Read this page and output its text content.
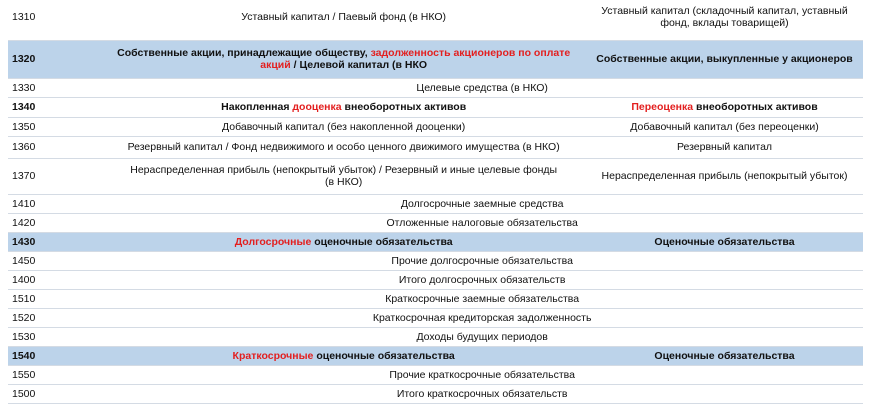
1310	Уставный капитал / Паевый фонд (в НКО)	Уставный капитал (складочный капитал, уставный
фонд, вклады товарищей)

1320	Собственные акции, принадлежащие обществу, задолженность акционеров по оплате
акций / Целевой капитал (в НКО	Собственные акции, выкупленные у акционеров
1330	Целевые средства (в НКО)	
1340	Накопленная дооценка внеоборотных активов	Переоценка внеоборотных активов
1350	Добавочный капитал (без накопленной дооценки)	Добавочный капитал (без переоценки)
1360	Резервный капитал / Фонд недвижимого и особо ценного движимого имущества (в НКО)	Резервный капитал
1370	Нераспределенная прибыль (непокрытый убыток) / Резервный и иные целевые фонды
(в НКО)	Нераспределенная прибыль (непокрытый убыток)
1410	Долгосрочные заемные средства	
1420	Отложенные налоговые обязательства	
1430	Долгосрочные оценочные обязательства	Оценочные обязательства
1450	Прочие долгосрочные обязательства	
1400	Итого долгосрочных обязательств	
1510	Краткосрочные заемные обязательства	
1520	Краткосрочная кредиторская задолженность	
1530	Доходы будущих периодов	
1540	Краткосрочные оценочные обязательства	Оценочные обязательства
1550	Прочие краткосрочные обязательства	
1500	Итого краткосрочных обязательств	
